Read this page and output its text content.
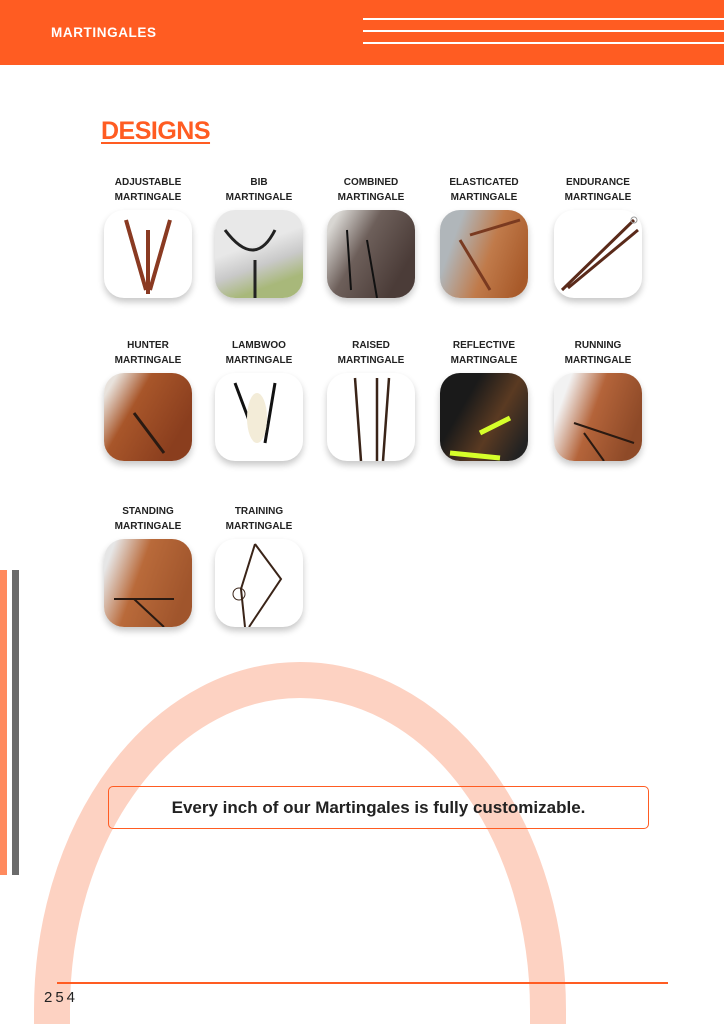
MARTINGALES
DESIGNS
ADJUSTABLE
MARTINGALE
BIB
MARTINGALE
COMBINED
MARTINGALE
ELASTICATED
MARTINGALE
ENDURANCE
MARTINGALE
HUNTER
MARTINGALE
LAMBWOO
MARTINGALE
RAISED
MARTINGALE
REFLECTIVE
MARTINGALE
RUNNING
MARTINGALE
STANDING
MARTINGALE
TRAINING
MARTINGALE
Every inch of our Martingales is fully customizable.
254
